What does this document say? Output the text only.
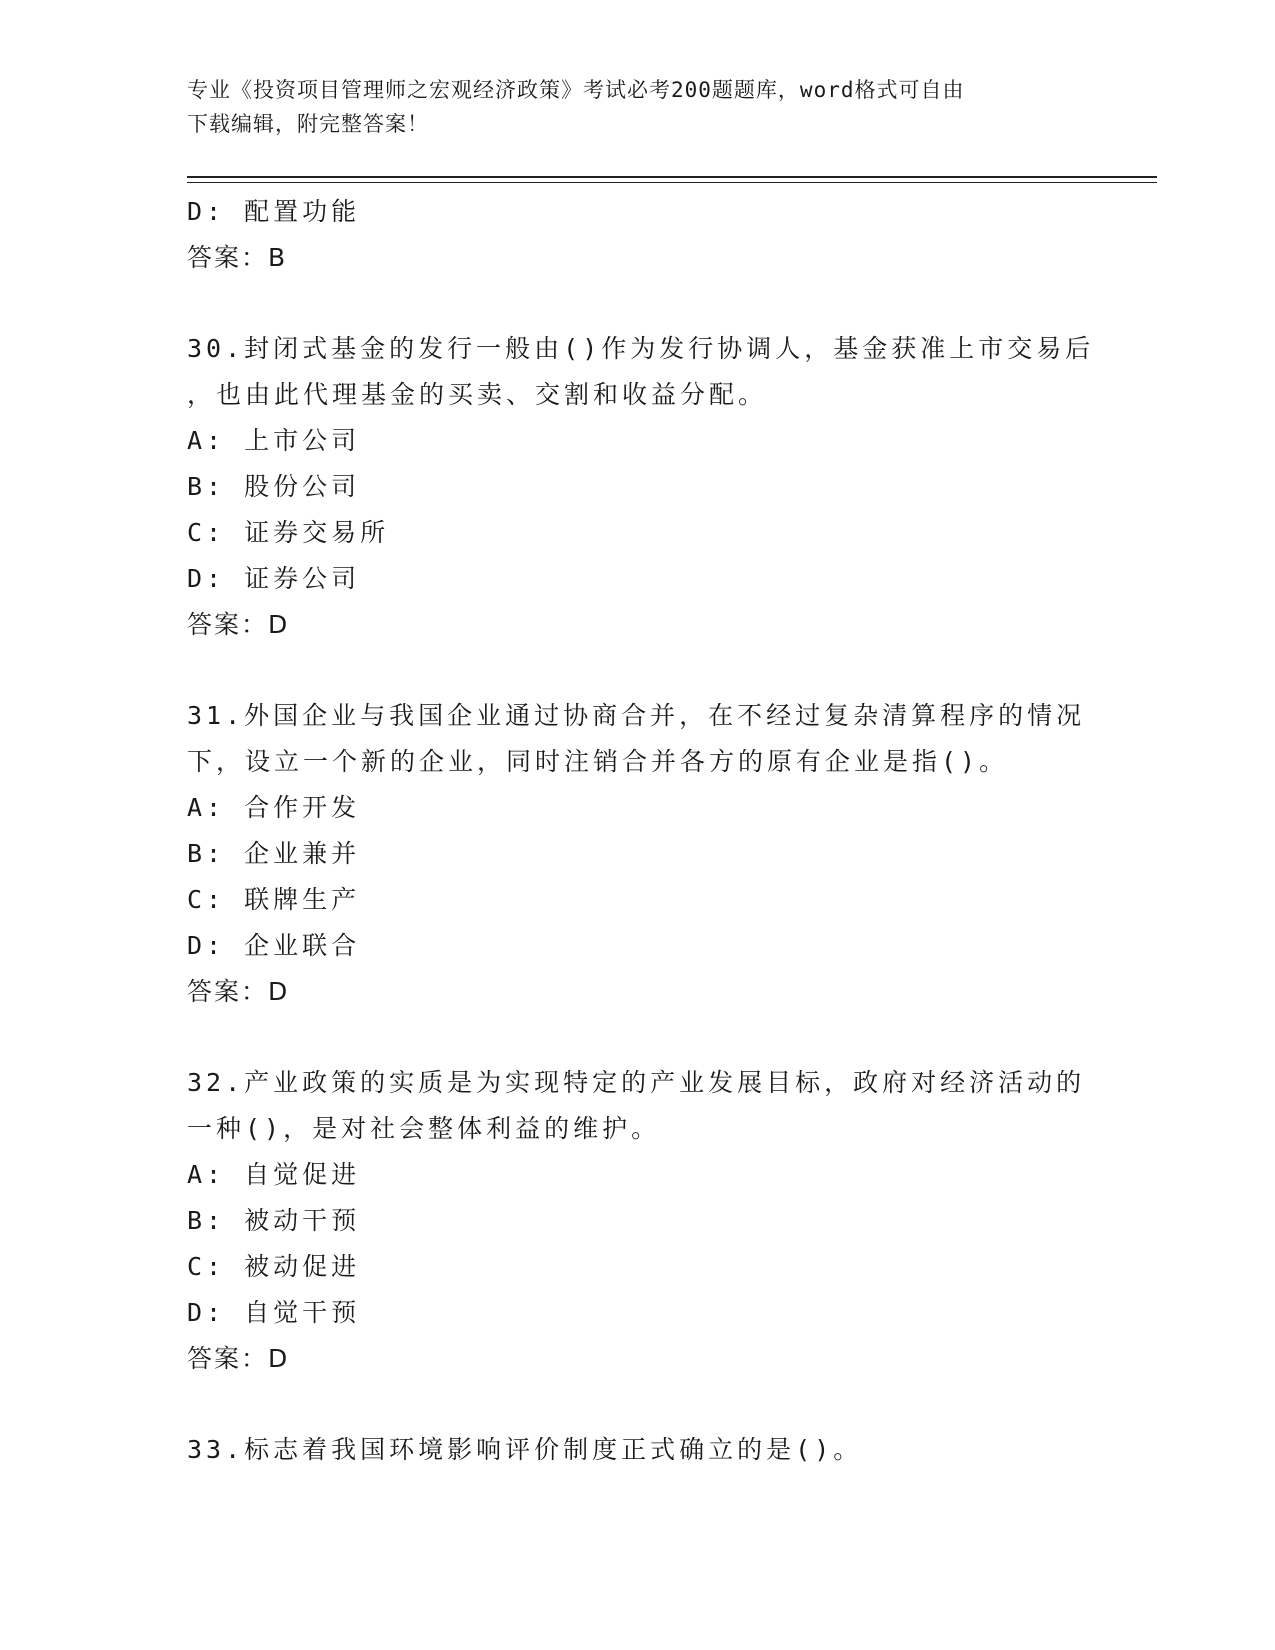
专业《投资项目管理师之宏观经济政策》考试必考200题题库，word格式可自由
下载编辑，附完整答案！
D: 配置功能
答案：B
30.封闭式基金的发行一般由()作为发行协调人，基金获准上市交易后
，也由此代理基金的买卖、交割和收益分配。
A: 上市公司
B: 股份公司
C: 证券交易所
D: 证券公司
答案：D
31.外国企业与我国企业通过协商合并，在不经过复杂清算程序的情况
下，设立一个新的企业，同时注销合并各方的原有企业是指()。
A: 合作开发
B: 企业兼并
C: 联牌生产
D: 企业联合
答案：D
32.产业政策的实质是为实现特定的产业发展目标，政府对经济活动的
一种()，是对社会整体利益的维护。
A: 自觉促进
B: 被动干预
C: 被动促进
D: 自觉干预
答案：D
33.标志着我国环境影响评价制度正式确立的是()。
